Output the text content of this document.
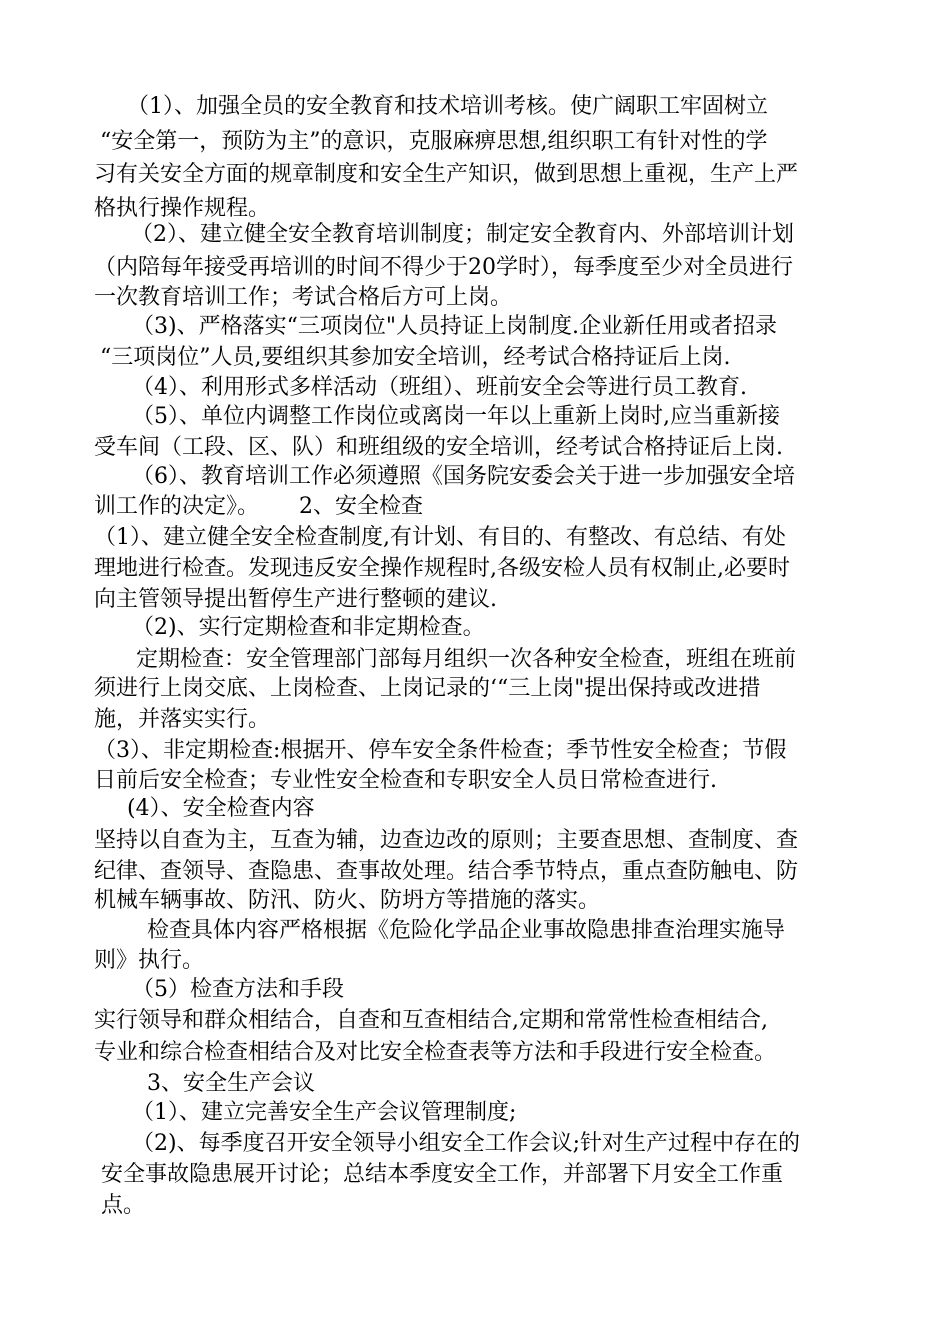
（1）、加强全员的安全教育和技术培训考核。使广阔职工牢固树立
“安全第一，预防为主”的意识，克服麻痹思想,组织职工有针对性的学
习有关安全方面的规章制度和安全生产知识，做到思想上重视，生产上严
格执行操作规程。
（2）、建立健全安全教育培训制度；制定安全教育内、外部培训计划
（内陪每年接受再培训的时间不得少于20学时），每季度至少对全员进行
一次教育培训工作；考试合格后方可上岗。
（3)、严格落实“三项岗位"人员持证上岗制度.企业新任用或者招录
“三项岗位”人员,要组织其参加安全培训，经考试合格持证后上岗.
（4）、利用形式多样活动（班组）、班前安全会等进行员工教育.
（5）、单位内调整工作岗位或离岗一年以上重新上岗时,应当重新接
受车间（工段、区、队）和班组级的安全培训，经考试合格持证后上岗.
（6）、教育培训工作必须遵照《国务院安委会关于进一步加强安全培
训工作的决定》。　　 2、安全检查
（1）、建立健全安全检查制度,有计划、有目的、有整改、有总结、有处
理地进行检查。发现违反安全操作规程时,各级安检人员有权制止,必要时
向主管领导提出暂停生产进行整顿的建议.
（2)、实行定期检查和非定期检查。
定期检查：安全管理部门部每月组织一次各种安全检查，班组在班前
须进行上岗交底、上岗检查、上岗记录的‘“三上岗"提出保持或改进措
施，并落实实行。
（3）、非定期检查:根据开、停车安全条件检查；季节性安全检查；节假
日前后安全检查；专业性安全检查和专职安全人员日常检查进行.
(4）、安全检查内容
坚持以自查为主，互查为辅，边查边改的原则；主要查思想、查制度、查
纪律、查领导、查隐患、查事故处理。结合季节特点，重点查防触电、防
机械车辆事故、防汛、防火、防坍方等措施的落实。
检查具体内容严格根据《危险化学品企业事故隐患排查治理实施导
则》执行。
（5）检查方法和手段
实行领导和群众相结合，自查和互查相结合,定期和常常性检查相结合,
专业和综合检查相结合及对比安全检查表等方法和手段进行安全检查。
3、安全生产会议
（1）、建立完善安全生产会议管理制度;
（2)、每季度召开安全领导小组安全工作会议;针对生产过程中存在的
安全事故隐患展开讨论；总结本季度安全工作，并部署下月安全工作重
点。
